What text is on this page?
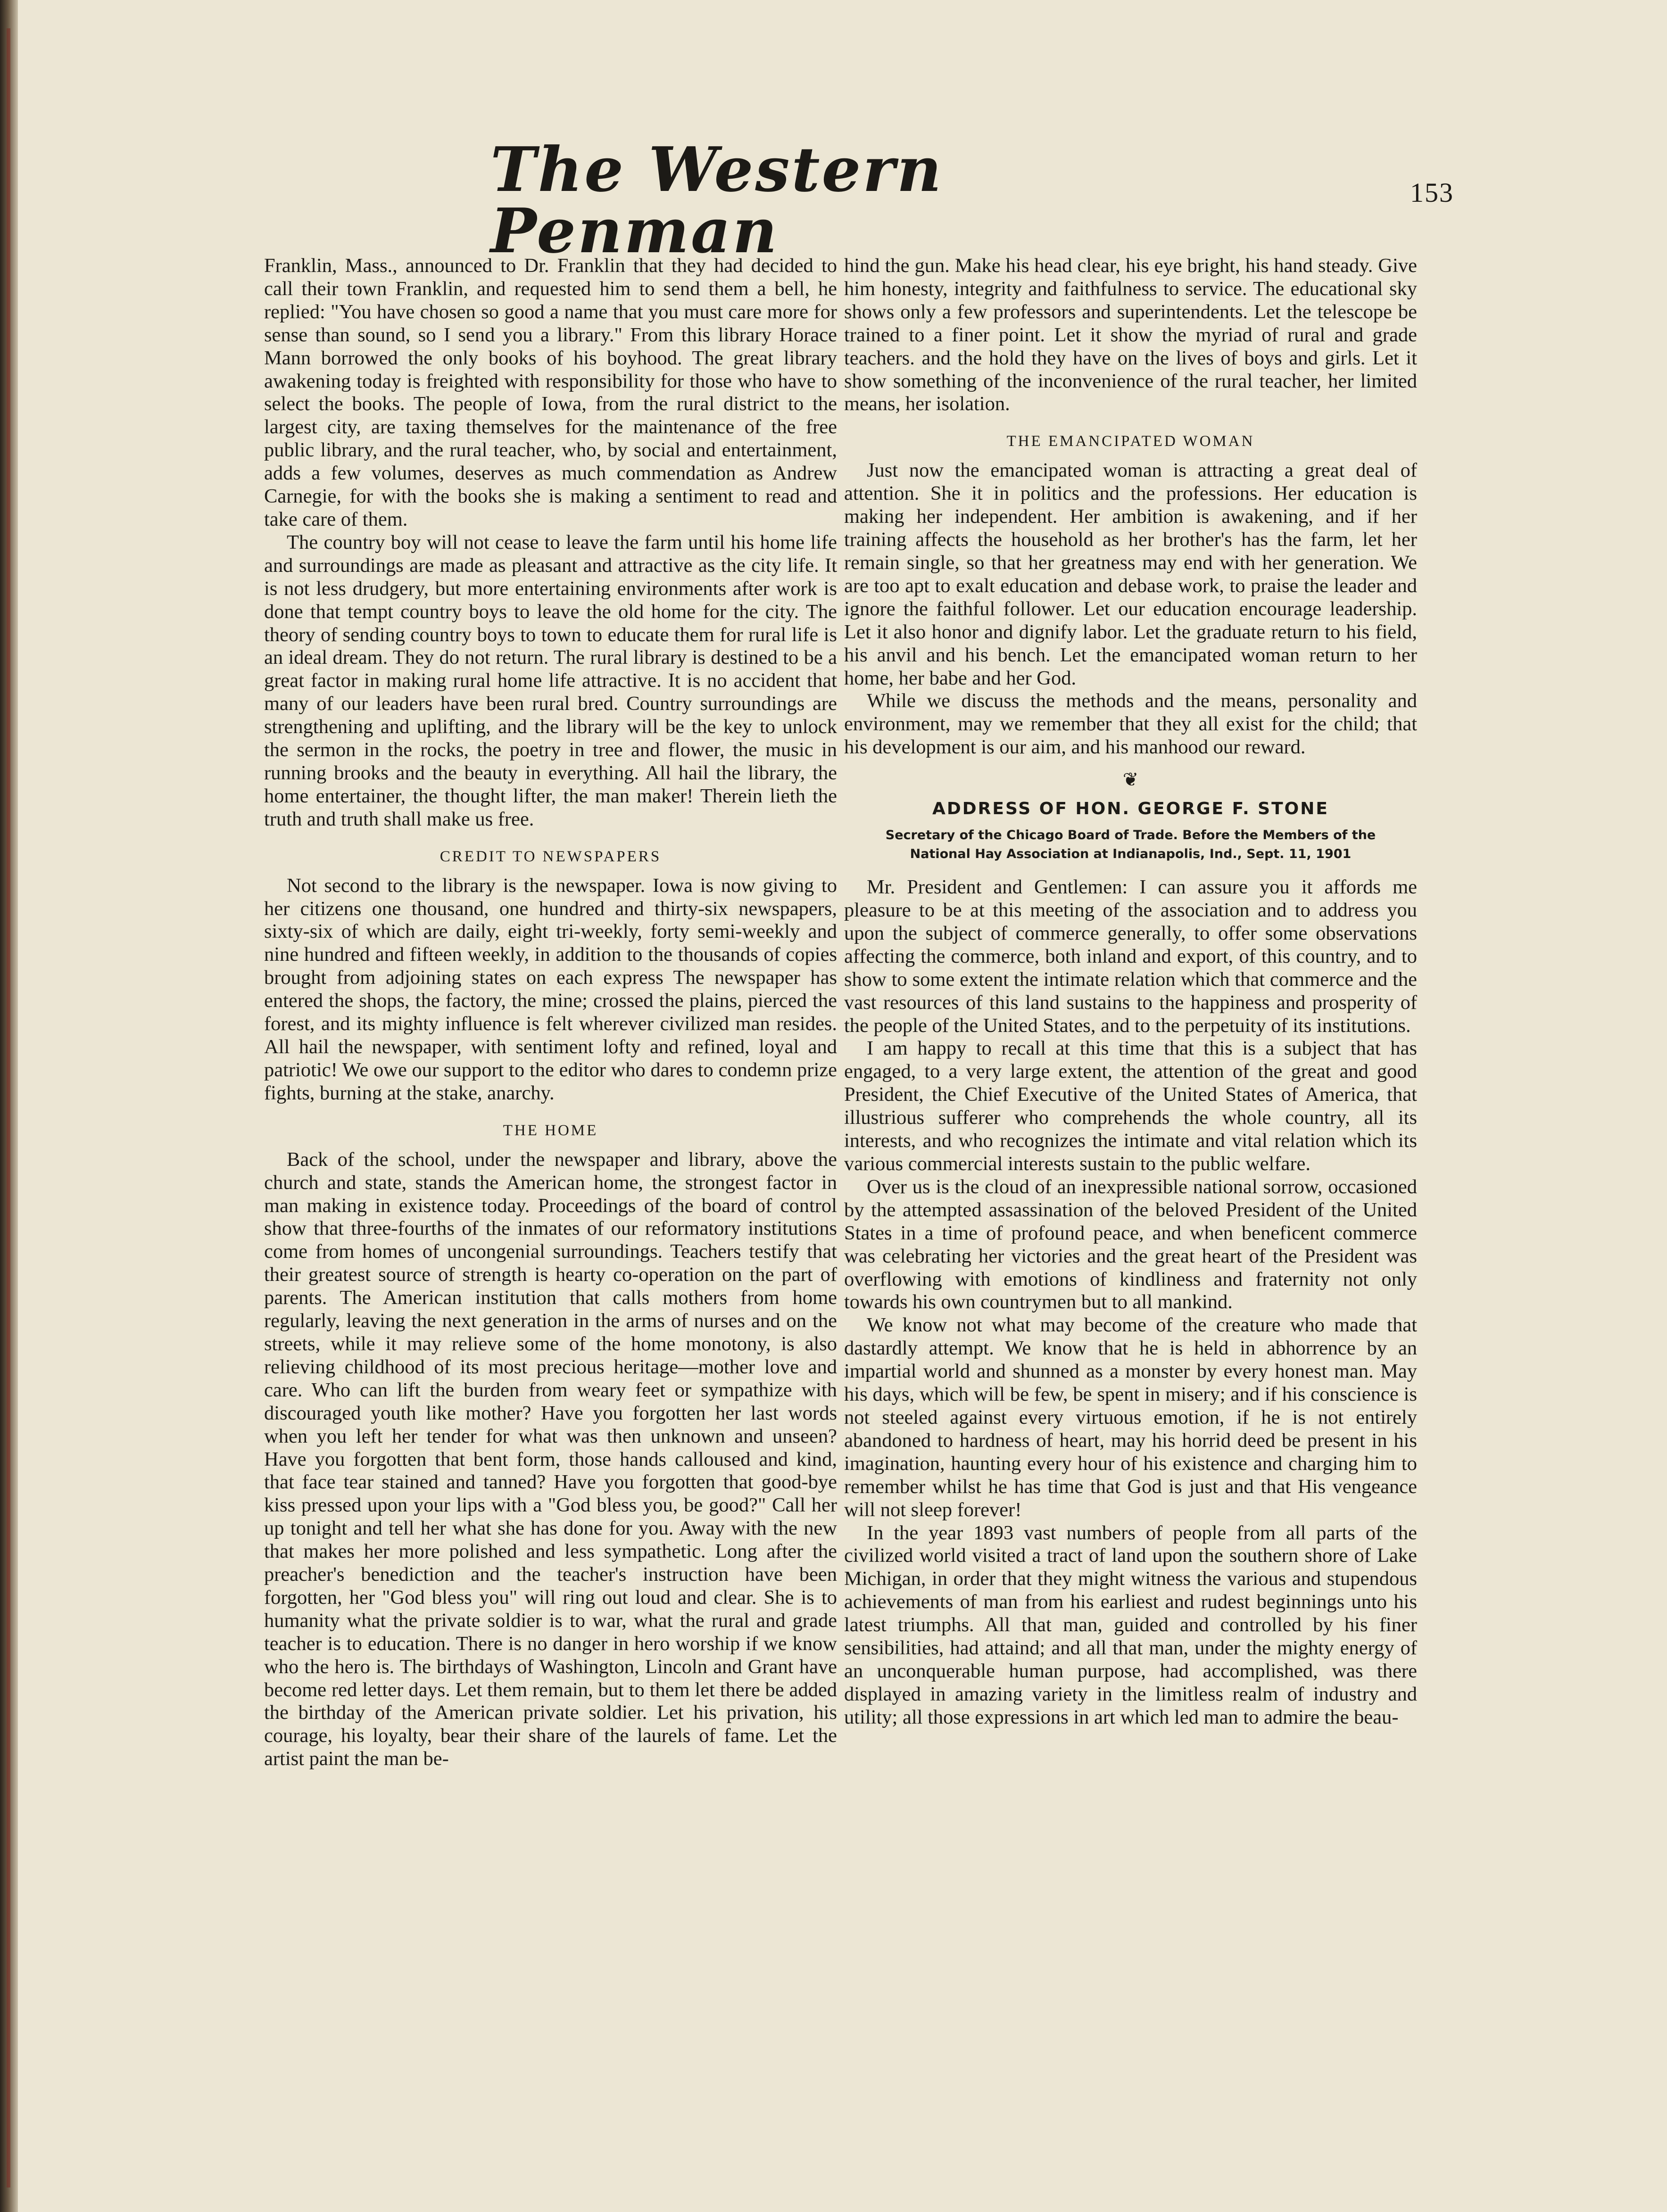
The Western Penman
153

Franklin, Mass., announced to Dr. Franklin that they had decided to call their town Franklin, and requested him to send them a bell, he replied: "You have chosen so good a name that you must care more for sense than sound, so I send you a library." From this library Horace Mann borrowed the only books of his boyhood. The great library awakening today is freighted with responsibility for those who have to select the books. The people of Iowa, from the rural district to the largest city, are taxing themselves for the maintenance of the free public library, and the rural teacher, who, by social and entertainment, adds a few volumes, deserves as much commendation as Andrew Carnegie, for with the books she is making a sentiment to read and take care of them.

The country boy will not cease to leave the farm until his home life and surroundings are made as pleasant and attractive as the city life. It is not less drudgery, but more entertaining environments after work is done that tempt country boys to leave the old home for the city. The theory of sending country boys to town to educate them for rural life is an ideal dream. They do not return. The rural library is destined to be a great factor in making rural home life attractive. It is no accident that many of our leaders have been rural bred. Country surroundings are strengthening and uplifting, and the library will be the key to unlock the sermon in the rocks, the poetry in tree and flower, the music in running brooks and the beauty in everything. All hail the library, the home entertainer, the thought lifter, the man maker! Therein lieth the truth and truth shall make us free.

CREDIT TO NEWSPAPERS

Not second to the library is the newspaper. Iowa is now giving to her citizens one thousand, one hundred and thirty-six newspapers, sixty-six of which are daily, eight tri-weekly, forty semi-weekly and nine hundred and fifteen weekly, in addition to the thousands of copies brought from adjoining states on each express The newspaper has entered the shops, the factory, the mine; crossed the plains, pierced the forest, and its mighty influence is felt wherever civilized man resides. All hail the newspaper, with sentiment lofty and refined, loyal and patriotic! We owe our support to the editor who dares to condemn prize fights, burning at the stake, anarchy.

THE HOME

Back of the school, under the newspaper and library, above the church and state, stands the American home, the strongest factor in man making in existence today. Proceedings of the board of control show that three-fourths of the inmates of our reformatory institutions come from homes of uncongenial surroundings. Teachers testify that their greatest source of strength is hearty co-operation on the part of parents. The American institution that calls mothers from home regularly, leaving the next generation in the arms of nurses and on the streets, while it may relieve some of the home monotony, is also relieving childhood of its most precious heritage—mother love and care. Who can lift the burden from weary feet or sympathize with discouraged youth like mother? Have you forgotten her last words when you left her tender for what was then unknown and unseen? Have you forgotten that bent form, those hands calloused and kind, that face tear stained and tanned? Have you forgotten that good-bye kiss pressed upon your lips with a "God bless you, be good?" Call her up tonight and tell her what she has done for you. Away with the new that makes her more polished and less sympathetic. Long after the preacher's benediction and the teacher's instruction have been forgotten, her "God bless you" will ring out loud and clear. She is to humanity what the private soldier is to war, what the rural and grade teacher is to education. There is no danger in hero worship if we know who the hero is. The birthdays of Washington, Lincoln and Grant have become red letter days. Let them remain, but to them let there be added the birthday of the American private soldier. Let his privation, his courage, his loyalty, bear their share of the laurels of fame. Let the artist paint the man be-

hind the gun. Make his head clear, his eye bright, his hand steady. Give him honesty, integrity and faithfulness to service. The educational sky shows only a few professors and superintendents. Let the telescope be trained to a finer point. Let it show the myriad of rural and grade teachers. and the hold they have on the lives of boys and girls. Let it show something of the inconvenience of the rural teacher, her limited means, her isolation.

THE EMANCIPATED WOMAN

Just now the emancipated woman is attracting a great deal of attention. She it in politics and the professions. Her education is making her independent. Her ambition is awakening, and if her training affects the household as her brother's has the farm, let her remain single, so that her greatness may end with her generation. We are too apt to exalt education and debase work, to praise the leader and ignore the faithful follower. Let our education encourage leadership. Let it also honor and dignify labor. Let the graduate return to his field, his anvil and his bench. Let the emancipated woman return to her home, her babe and her God.

While we discuss the methods and the means, personality and environment, may we remember that they all exist for the child; that his development is our aim, and his manhood our reward.

❦
ADDRESS OF HON. GEORGE F. STONE
Secretary of the Chicago Board of Trade. Before the Members of the National Hay Association at Indianapolis, Ind., Sept. 11, 1901

Mr. President and Gentlemen: I can assure you it affords me pleasure to be at this meeting of the association and to address you upon the subject of commerce generally, to offer some observations affecting the commerce, both inland and export, of this country, and to show to some extent the intimate relation which that commerce and the vast resources of this land sustains to the happiness and prosperity of the people of the United States, and to the perpetuity of its institutions.

I am happy to recall at this time that this is a subject that has engaged, to a very large extent, the attention of the great and good President, the Chief Executive of the United States of America, that illustrious sufferer who comprehends the whole country, all its interests, and who recognizes the intimate and vital relation which its various commercial interests sustain to the public welfare.

Over us is the cloud of an inexpressible national sorrow, occasioned by the attempted assassination of the beloved President of the United States in a time of profound peace, and when beneficent commerce was celebrating her victories and the great heart of the President was overflowing with emotions of kindliness and fraternity not only towards his own countrymen but to all mankind.

We know not what may become of the creature who made that dastardly attempt. We know that he is held in abhorrence by an impartial world and shunned as a monster by every honest man. May his days, which will be few, be spent in misery; and if his conscience is not steeled against every virtuous emotion, if he is not entirely abandoned to hardness of heart, may his horrid deed be present in his imagination, haunting every hour of his existence and charging him to remember whilst he has time that God is just and that His vengeance will not sleep forever!

In the year 1893 vast numbers of people from all parts of the civilized world visited a tract of land upon the southern shore of Lake Michigan, in order that they might witness the various and stupendous achievements of man from his earliest and rudest beginnings unto his latest triumphs. All that man, guided and controlled by his finer sensibilities, had attaind; and all that man, under the mighty energy of an unconquerable human purpose, had accomplished, was there displayed in amazing variety in the limitless realm of industry and utility; all those expressions in art which led man to admire the beau-
